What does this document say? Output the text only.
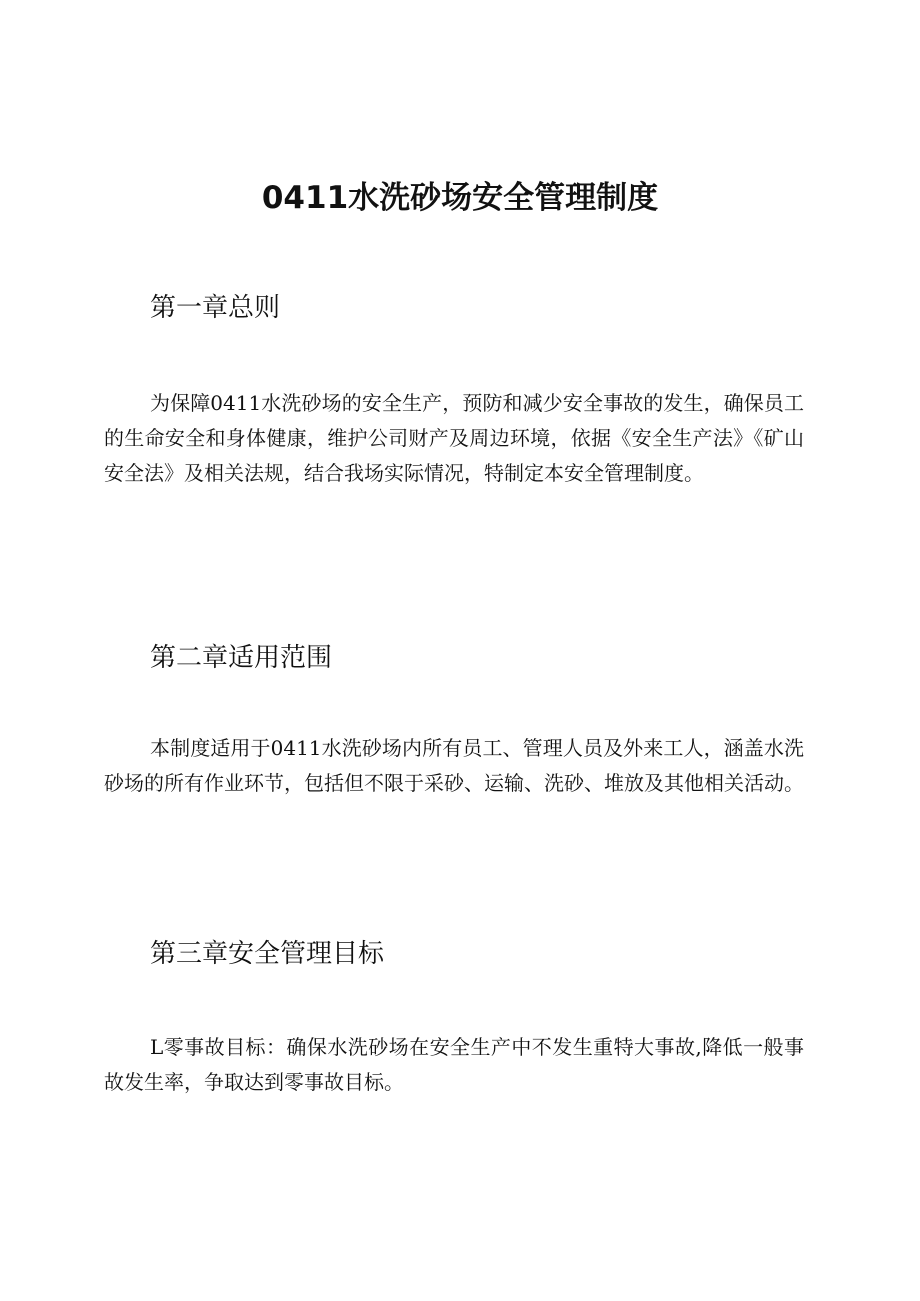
0411水洗砂场安全管理制度
第一章总则

为保障0411水洗砂场的安全生产，预防和减少安全事故的发生，确保员工的生命安全和身体健康，维护公司财产及周边环境，依据《安全生产法》《矿山安全法》及相关法规，结合我场实际情况，特制定本安全管理制度。

第二章适用范围

本制度适用于0411水洗砂场内所有员工、管理人员及外来工人，涵盖水洗砂场的所有作业环节，包括但不限于采砂、运输、洗砂、堆放及其他相关活动。

第三章安全管理目标

L零事故目标：确保水洗砂场在安全生产中不发生重特大事故,降低一般事故发生率，争取达到零事故目标。
